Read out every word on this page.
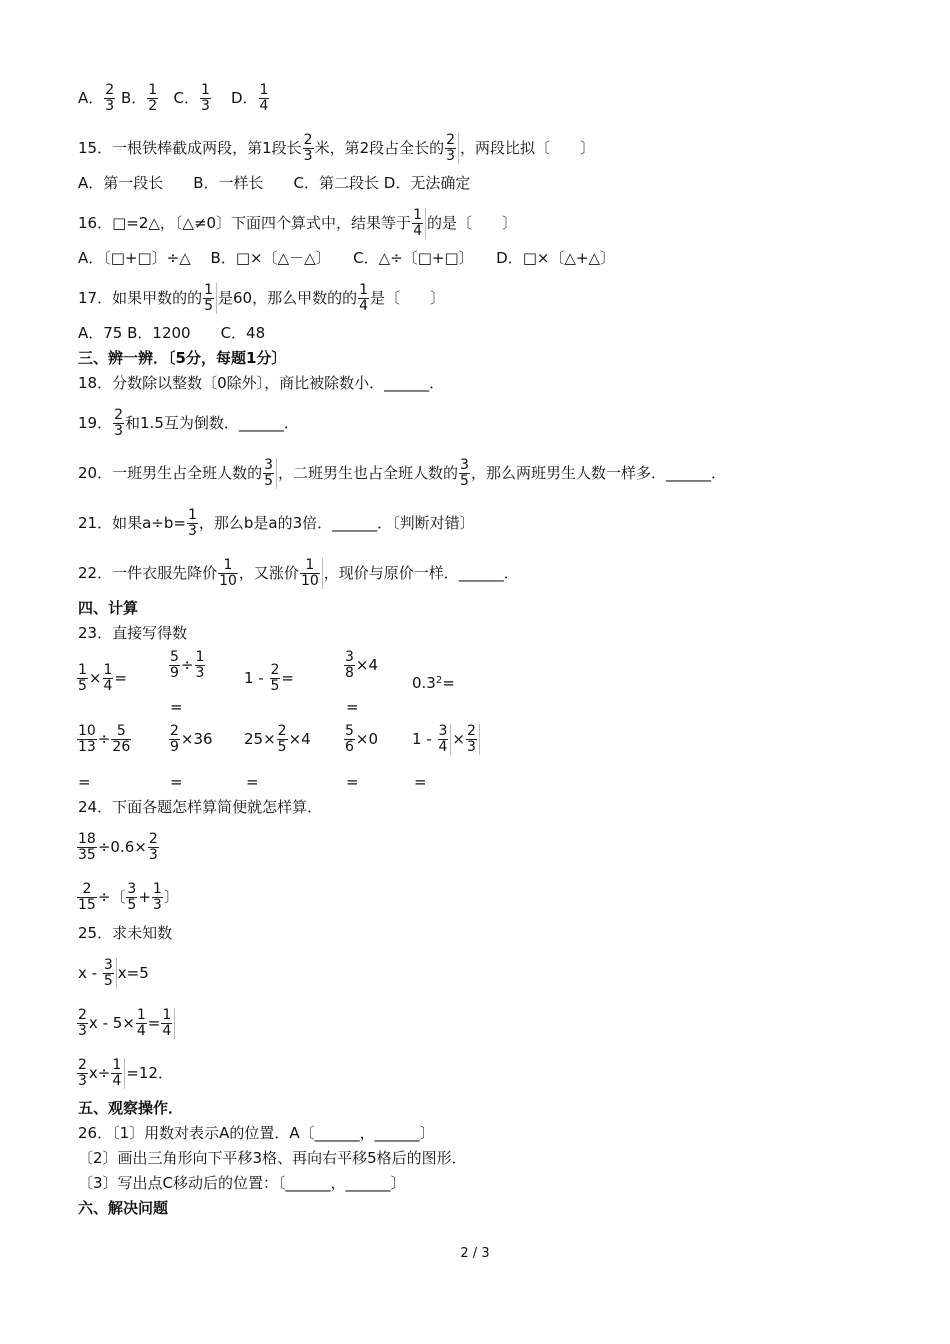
A． $\frac{2}{3}$ B． $\frac{1}{2}$ C． $\frac{1}{3}$ D． $\frac{1}{4}$
15．一根铁棒截成两段，第1段长 $\frac{2}{3}$ 米，第2段占全长的 $\frac{2}{3}$ ，两段比拟〔　　〕
A．第一段长　　B．一样长　　C．第二段长 D．无法确定
16．□=2△，〔△≠0〕下面四个算式中，结果等于 $\frac{1}{4}$ 的是〔　　〕
A．〔□+□〕÷△　 B．□×〔△－△〕　　C．△÷〔□+□〕　　D．□×〔△+△〕
17．如果甲数的的 $\frac{1}{5}$ 是60，那么甲数的的 $\frac{1}{4}$ 是〔　　〕
A．75 B．1200　　C．48
三、辨一辨．〔5分，每题1分〕
18．分数除以整数〔0除外〕，商比被除数小．______．
19． $\frac{2}{3}$ 和1.5互为倒数．______．
20．一班男生占全班人数的 $\frac{3}{5}$ ，二班男生也占全班人数的 $\frac{3}{5}$ ，那么两班男生人数一样多．______．
21．如果$a\div b= \frac{1}{3}$ ，那么b是a的3倍．______．〔判断对错〕
22．一件衣服先降价 $\frac{1}{10}$ ，又涨价 $\frac{1}{10}$ ，现价与原价一样．______．
四、计算
23．直接写得数
$\frac{1}{5} \times \frac{1}{4}$ =	$\frac{5}{9} \div \frac{1}{3}$
=
$1 - \frac{2}{5}$ =	$\frac{3}{8} \times 4$
=
$0.3^2=$
$\frac{10}{13} \div \frac{5}{26}$
=
$\frac{2}{9} \times 36$
=
$25\times \frac{2}{5} \times 4$
=
$\frac{5}{6} \times 0$
=
$1 - \frac{3}{4} \times \frac{2}{3}$
=
24．下面各题怎样算简便就怎样算．
$\frac{18}{35} \div 0.6\times \frac{2}{3}$
$\frac{2}{15}$ ÷〔 $\frac{3}{5} + \frac{1}{3}$ 〕
25．求未知数
$x - \frac{3}{5} x=5$
$\frac{2}{3}$ $x - 5\times \frac{1}{4} = \frac{1}{4}$
$\frac{2}{3} x\div \frac{1}{4} =12$．
五、观察操作．
26．〔1〕用数对表示A的位置．A〔______，______〕
〔2〕画出三角形向下平移3格、再向右平移5格后的图形．
〔3〕写出点C移动后的位置：〔______，______〕
六、解决问题
2 / 3
